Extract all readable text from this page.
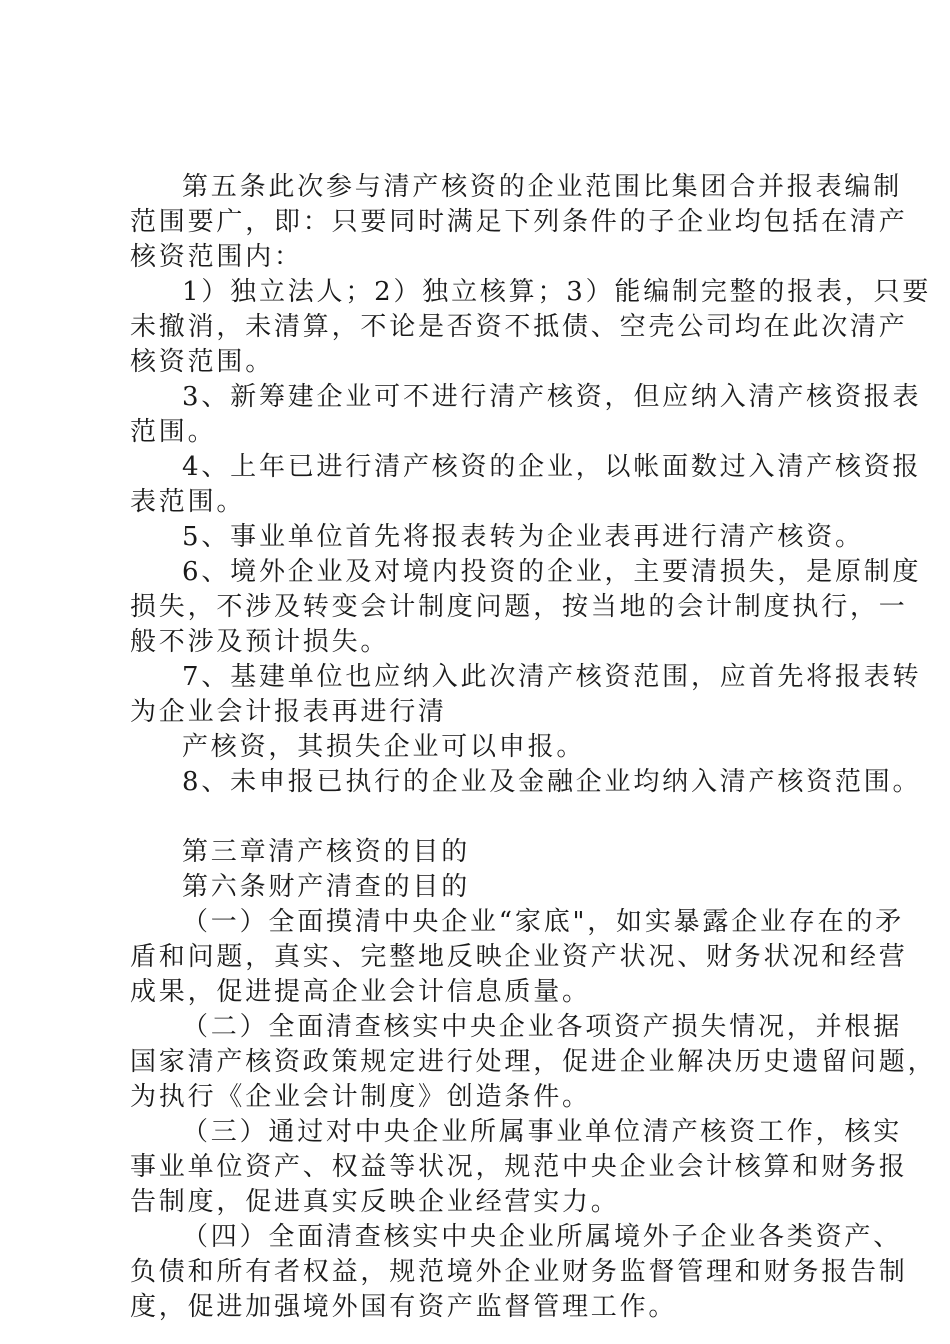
第五条此次参与清产核资的企业范围比集团合并报表编制

范围要广，即：只要同时满足下列条件的子企业均包括在清产

核资范围内：

1）独立法人；2）独立核算；3）能编制完整的报表，只要

未撤消，未清算，不论是否资不抵债、空壳公司均在此次清产

核资范围。

3、新筹建企业可不进行清产核资，但应纳入清产核资报表

范围。

4、上年已进行清产核资的企业，以帐面数过入清产核资报

表范围。

5、事业单位首先将报表转为企业表再进行清产核资。

6、境外企业及对境内投资的企业，主要清损失，是原制度

损失，不涉及转变会计制度问题，按当地的会计制度执行，一

般不涉及预计损失。

7、基建单位也应纳入此次清产核资范围，应首先将报表转

为企业会计报表再进行清

产核资，其损失企业可以申报。

8、未申报已执行的企业及金融企业均纳入清产核资范围。

第三章清产核资的目的

第六条财产清查的目的

（一）全面摸清中央企业“家底"，如实暴露企业存在的矛

盾和问题，真实、完整地反映企业资产状况、财务状况和经营

成果，促进提高企业会计信息质量。

（二）全面清查核实中央企业各项资产损失情况，并根据

国家清产核资政策规定进行处理，促进企业解决历史遗留问题，

为执行《企业会计制度》创造条件。

（三）通过对中央企业所属事业单位清产核资工作，核实

事业单位资产、权益等状况，规范中央企业会计核算和财务报

告制度，促进真实反映企业经营实力。

（四）全面清查核实中央企业所属境外子企业各类资产、

负债和所有者权益，规范境外企业财务监督管理和财务报告制

度，促进加强境外国有资产监督管理工作。
